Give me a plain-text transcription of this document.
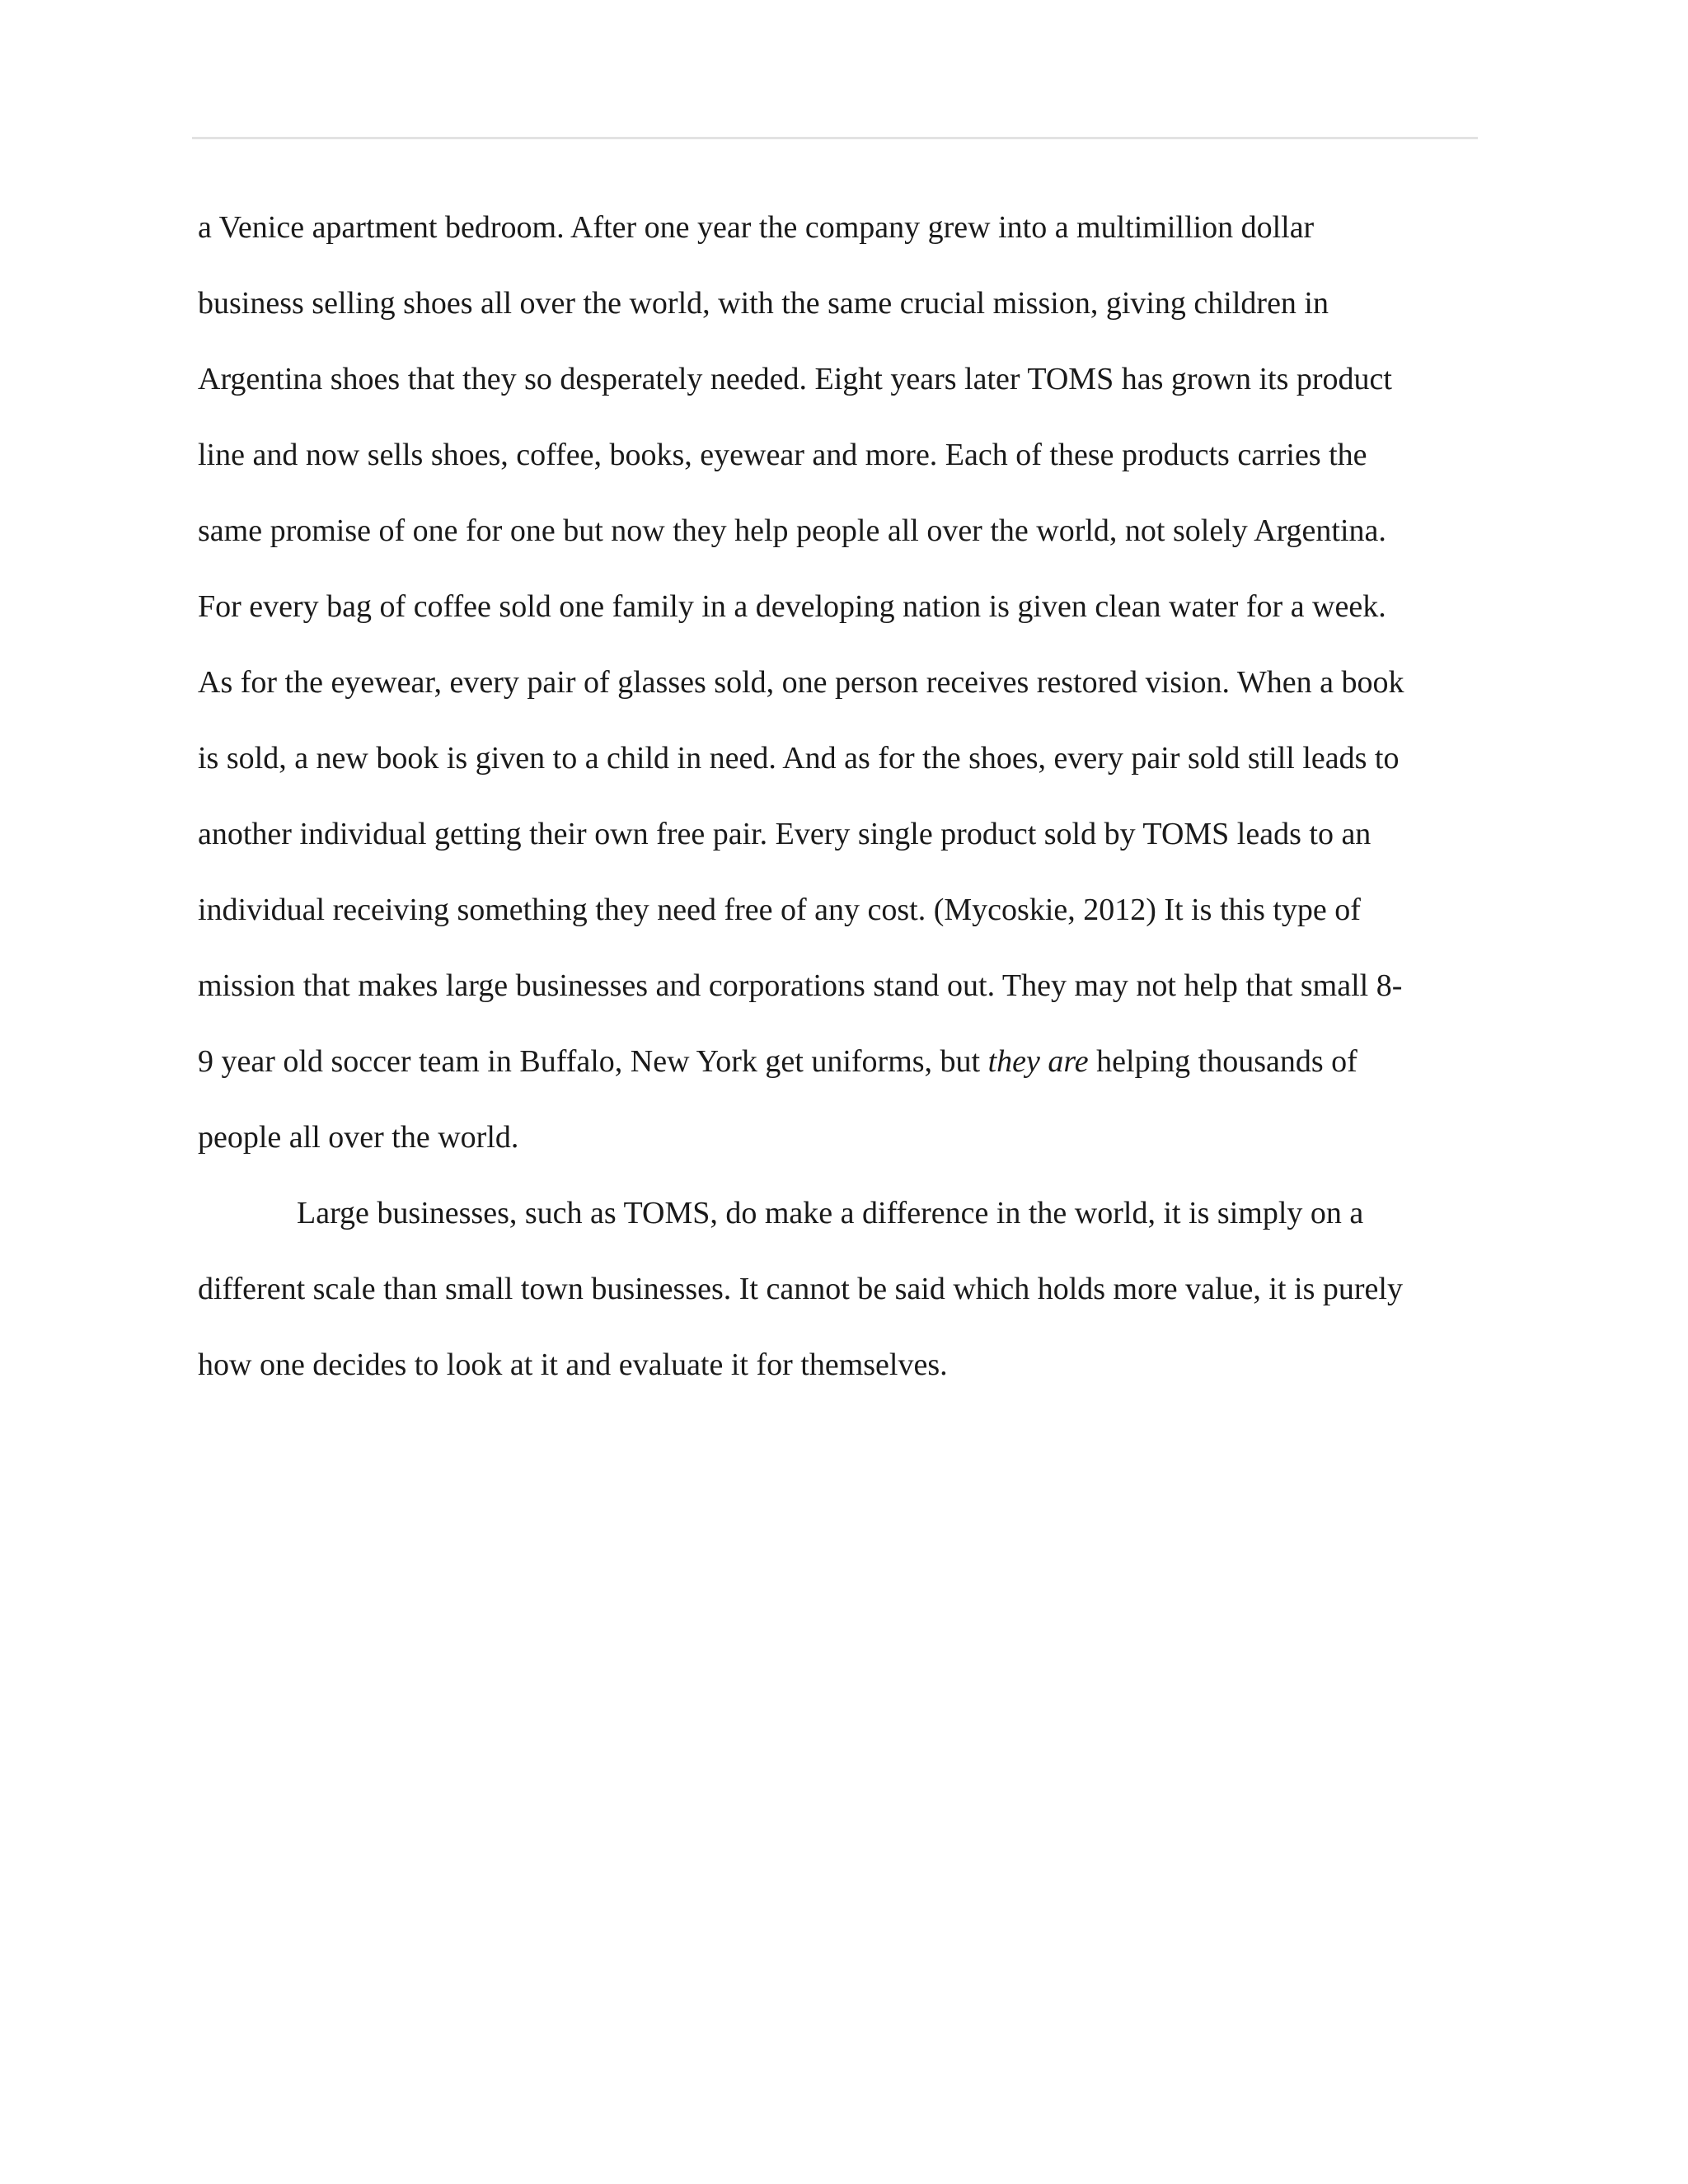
a Venice apartment bedroom. After one year the company grew into a multimillion dollar

business selling shoes all over the world, with the same crucial mission, giving children in

Argentina shoes that they so desperately needed. Eight years later TOMS has grown its product

line and now sells shoes, coffee, books, eyewear and more. Each of these products carries the

same promise of one for one but now they help people all over the world, not solely Argentina.

For every bag of coffee sold one family in a developing nation is given clean water for a week.

As for the eyewear, every pair of glasses sold, one person receives restored vision. When a book

is sold, a new book is given to a child in need. And as for the shoes, every pair sold still leads to

another individual getting their own free pair. Every single product sold by TOMS leads to an

individual receiving something they need free of any cost. (Mycoskie, 2012) It is this type of

mission that makes large businesses and corporations stand out. They may not help that small 8-

9 year old soccer team in Buffalo, New York get uniforms, but they are helping thousands of

people all over the world.

Large businesses, such as TOMS, do make a difference in the world, it is simply on a

different scale than small town businesses. It cannot be said which holds more value, it is purely

how one decides to look at it and evaluate it for themselves.
